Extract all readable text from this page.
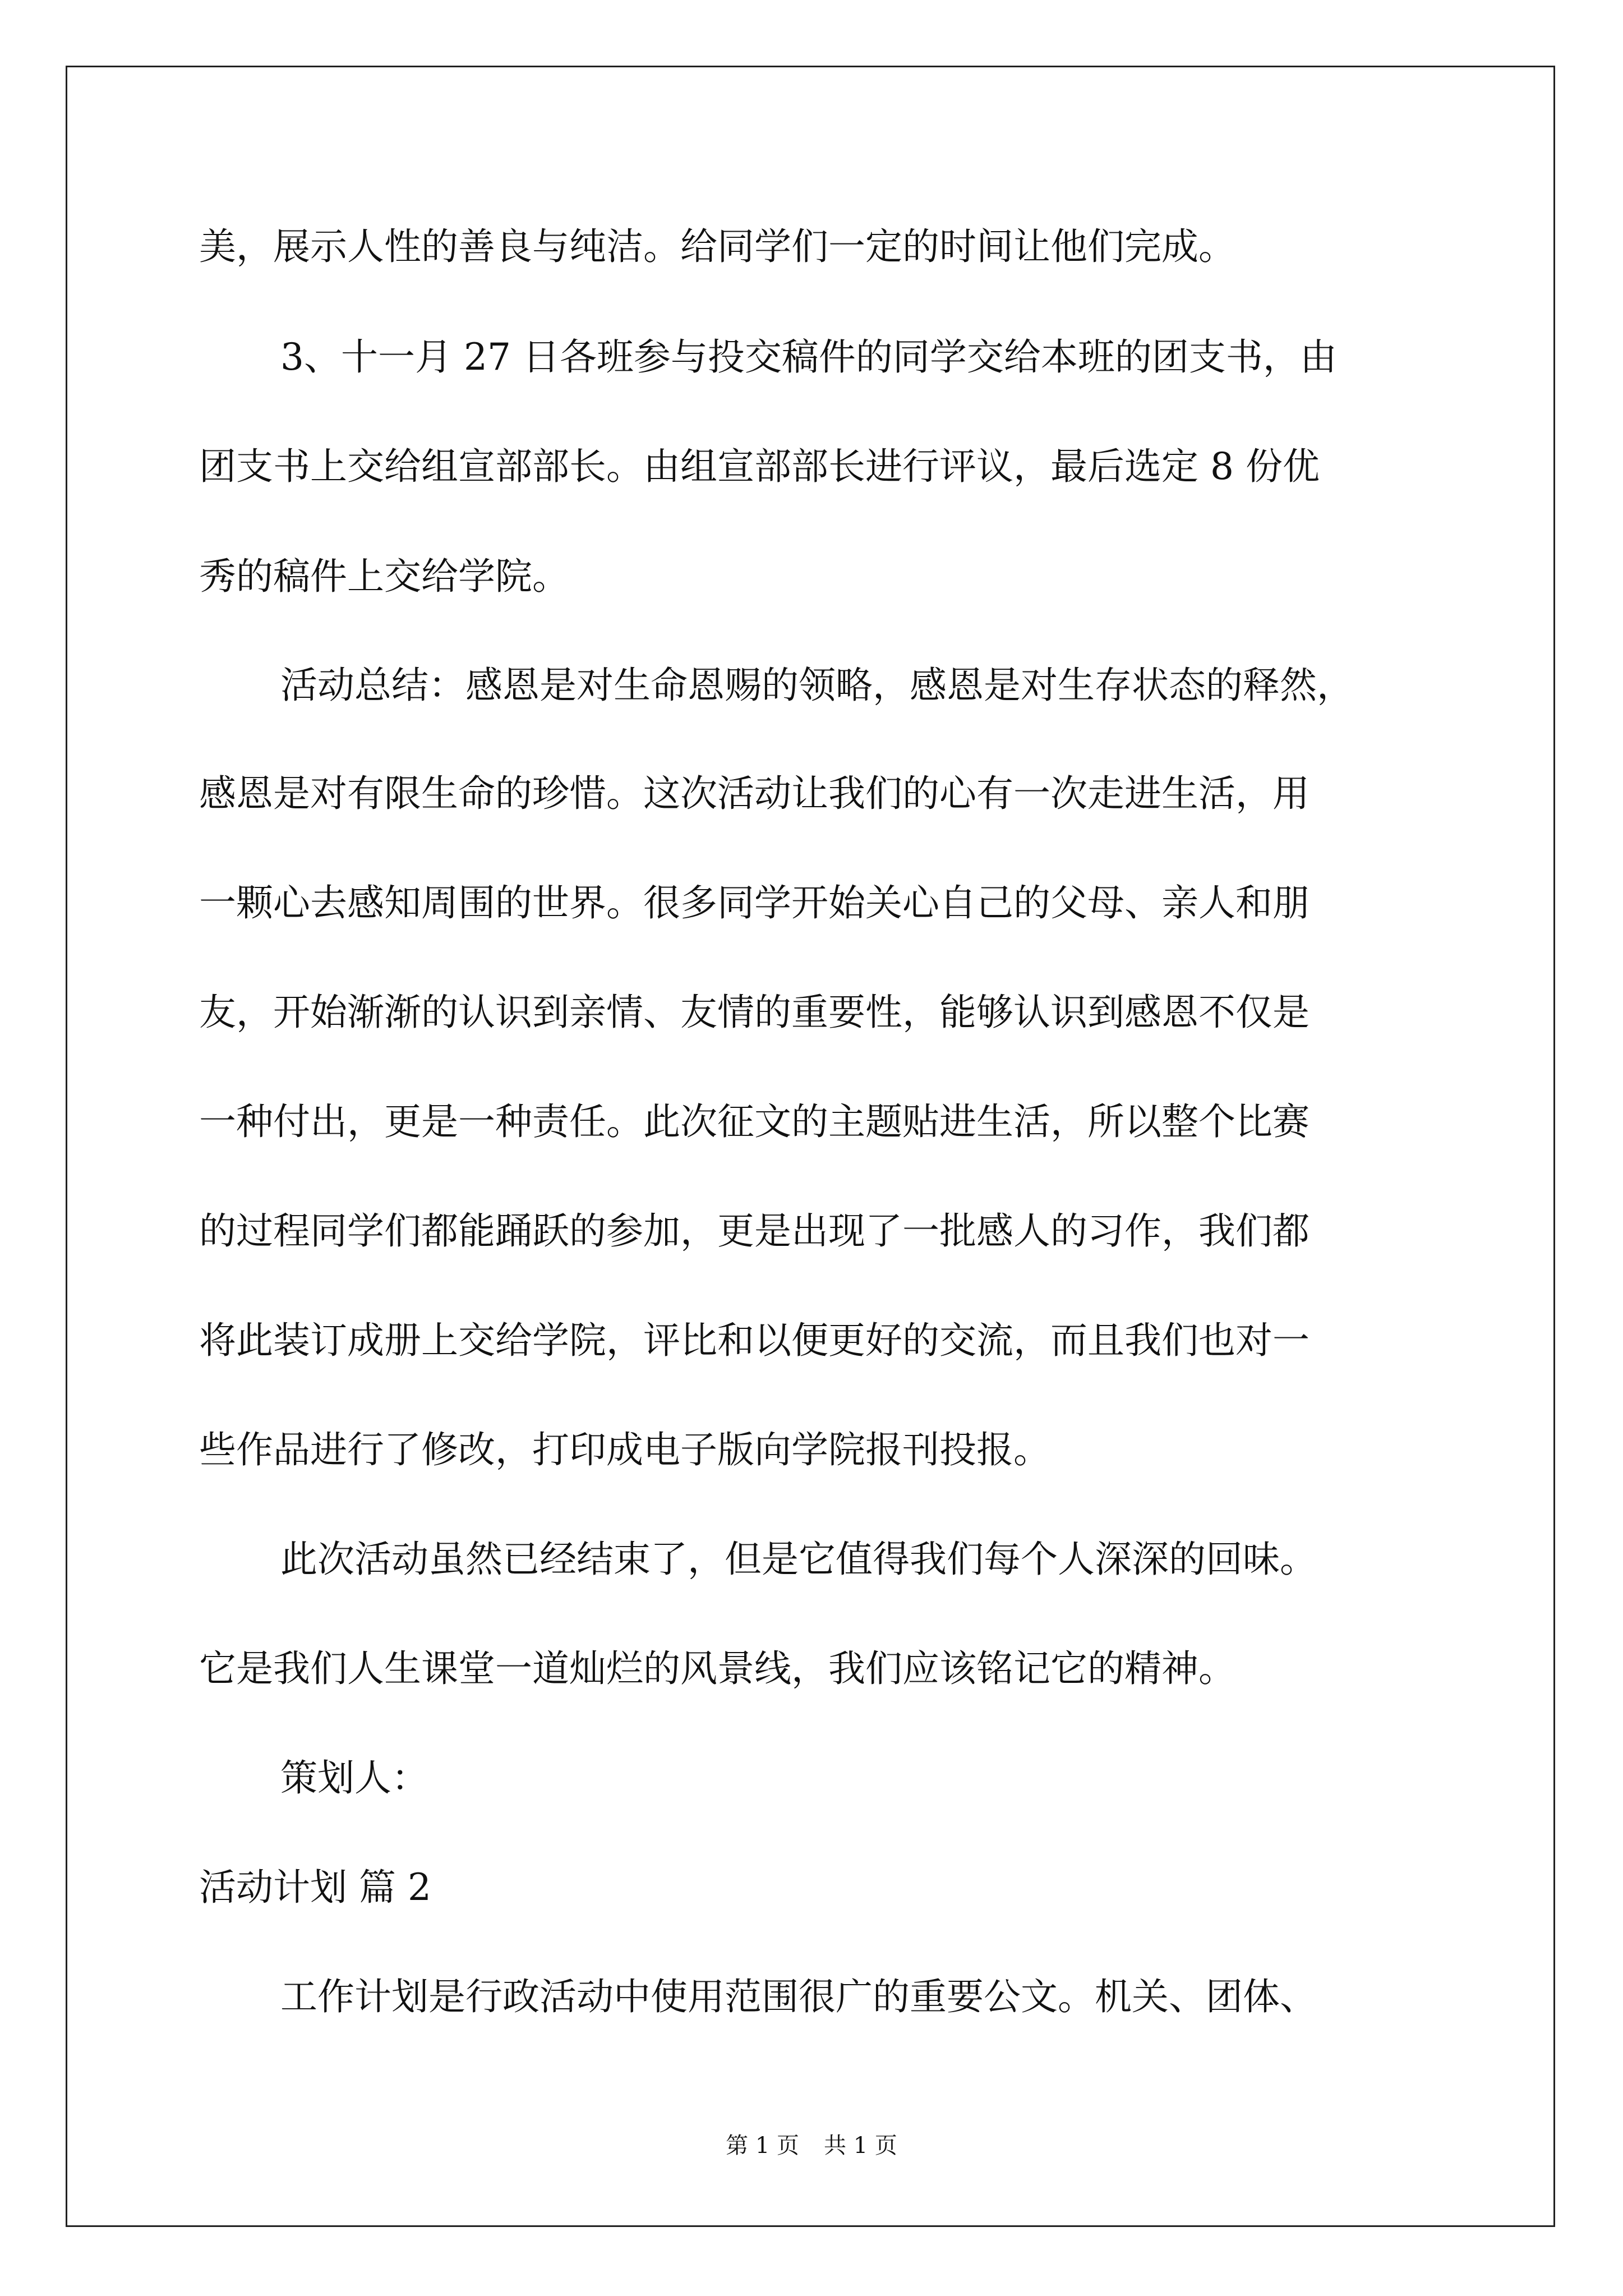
美，展示人性的善良与纯洁。给同学们一定的时间让他们完成。
3、十一月 27 日各班参与投交稿件的同学交给本班的团支书，由
团支书上交给组宣部部长。由组宣部部长进行评议，最后选定 8 份优
秀的稿件上交给学院。
活动总结：感恩是对生命恩赐的领略，感恩是对生存状态的释然，
感恩是对有限生命的珍惜。这次活动让我们的心有一次走进生活，用
一颗心去感知周围的世界。很多同学开始关心自己的父母、亲人和朋
友，开始渐渐的认识到亲情、友情的重要性，能够认识到感恩不仅是
一种付出，更是一种责任。此次征文的主题贴进生活，所以整个比赛
的过程同学们都能踊跃的参加，更是出现了一批感人的习作，我们都
将此装订成册上交给学院，评比和以便更好的交流，而且我们也对一
些作品进行了修改，打印成电子版向学院报刊投报。
此次活动虽然已经结束了，但是它值得我们每个人深深的回味。
它是我们人生课堂一道灿烂的风景线，我们应该铭记它的精神。
策划人：
活动计划 篇 2
工作计划是行政活动中使用范围很广的重要公文。机关、团体、
第 1 页 共 1 页
